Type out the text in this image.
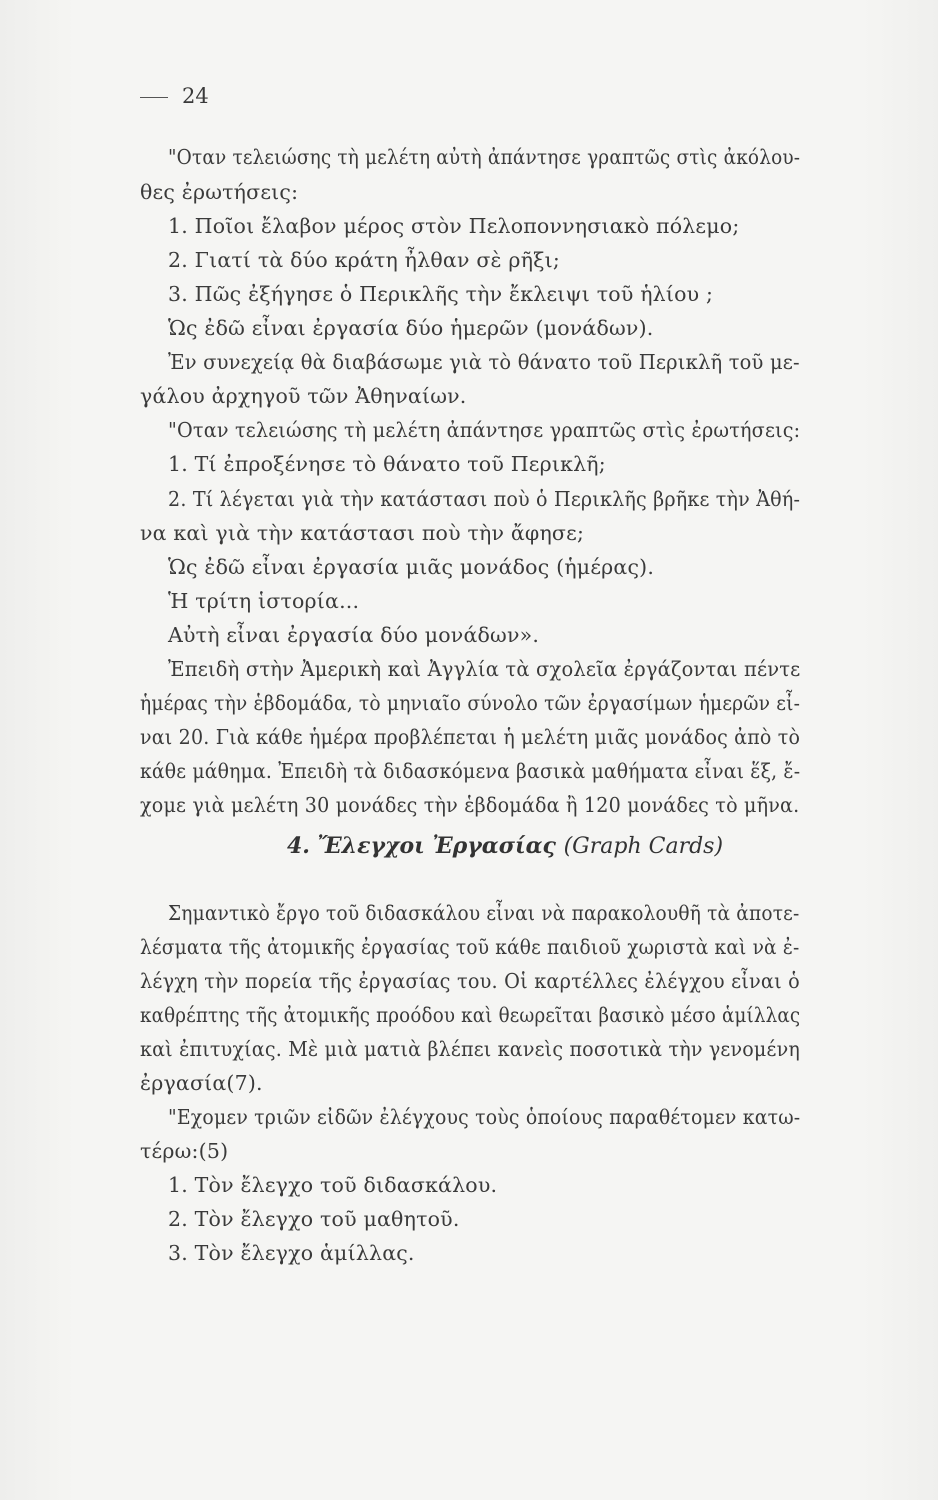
24
"Οταν τελειώσης τὴ μελέτη αὐτὴ ἀπάντησε γραπτῶς στὶς ἀκόλου-
θες ἐρωτήσεις:
1. Ποῖοι ἔλαβον μέρος στὸν Πελοποννησιακὸ πόλεμο;
2. Γιατί τὰ δύο κράτη ἦλθαν σὲ ρῆξι;
3. Πῶς ἐξήγησε ὁ Περικλῆς τὴν ἔκλειψι τοῦ ἡλίου ;
Ὡς ἐδῶ εἶναι ἐργασία δύο ἡμερῶν (μονάδων).
Ἐν συνεχείᾳ θὰ διαβάσωμε γιὰ τὸ θάνατο τοῦ Περικλῆ τοῦ με-
γάλου ἀρχηγοῦ τῶν Ἀθηναίων.
"Οταν τελειώσης τὴ μελέτη ἀπάντησε γραπτῶς στὶς ἐρωτήσεις:
1. Τί ἐπροξένησε τὸ θάνατο τοῦ Περικλῆ;
2. Τί λέγεται γιὰ τὴν κατάστασι ποὺ ὁ Περικλῆς βρῆκε τὴν Ἀθή-
να καὶ γιὰ τὴν κατάστασι ποὺ τὴν ἄφησε;
Ὡς ἐδῶ εἶναι ἐργασία μιᾶς μονάδος (ἡμέρας).
Ἡ τρίτη ἱστορία...
Αὐτὴ εἶναι ἐργασία δύο μονάδων».
Ἐπειδὴ στὴν Ἀμερικὴ καὶ Ἀγγλία τὰ σχολεῖα ἐργάζονται πέντε
ἡμέρας τὴν ἑβδομάδα, τὸ μηνιαῖο σύνολο τῶν ἐργασίμων ἡμερῶν εἶ-
ναι 20. Γιὰ κάθε ἡμέρα προβλέπεται ἡ μελέτη μιᾶς μονάδος ἀπὸ τὸ
κάθε μάθημα. Ἐπειδὴ τὰ διδασκόμενα βασικὰ μαθήματα εἶναι ἕξ, ἔ-
χομε γιὰ μελέτη 30 μονάδες τὴν ἑβδομάδα ἢ 120 μονάδες τὸ μῆνα.
4. Ἔλεγχοι Ἐργασίας (Graph Cards)
Σημαντικὸ ἔργο τοῦ διδασκάλου εἶναι νὰ παρακολουθῆ τὰ ἀποτε-
λέσματα τῆς ἀτομικῆς ἐργασίας τοῦ κάθε παιδιοῦ χωριστὰ καὶ νὰ ἐ-
λέγχη τὴν πορεία τῆς ἐργασίας του. Οἱ καρτέλλες ἐλέγχου εἶναι ὁ
καθρέπτης τῆς ἀτομικῆς προόδου καὶ θεωρεῖται βασικὸ μέσο ἁμίλλας
καὶ ἐπιτυχίας. Μὲ μιὰ ματιὰ βλέπει κανεὶς ποσοτικὰ τὴν γενομένη
ἐργασία(7).
"Εχομεν τριῶν εἰδῶν ἐλέγχους τοὺς ὁποίους παραθέτομεν κατω-
τέρω:(5)
1. Τὸν ἔλεγχο τοῦ διδασκάλου.
2. Τὸν ἔλεγχο τοῦ μαθητοῦ.
3. Τὸν ἔλεγχο ἁμίλλας.
